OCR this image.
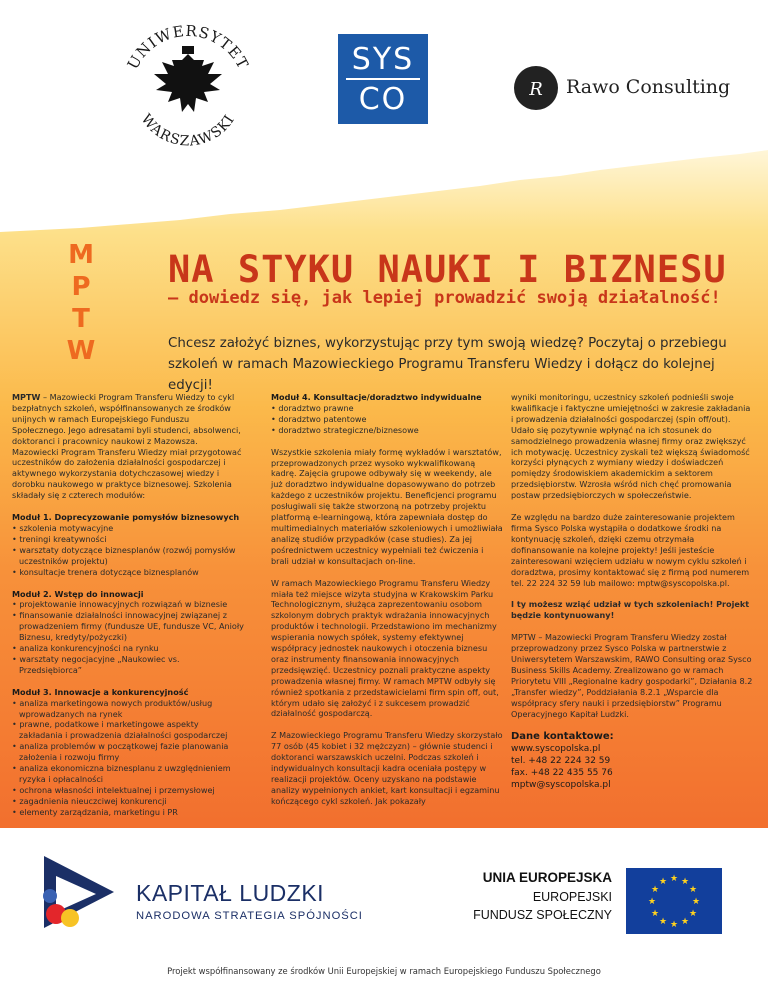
UNIWERSYTET
WARSZAWSKI
SYS
CO	R Rawo Consulting
M
P
T
W
NA STYKU NAUKI I BIZNESU
– dowiedz się, jak lepiej prowadzić swoją działalność!
Chcesz założyć biznes, wykorzystując przy tym swoją wiedzę? Poczytaj o przebiegu szkoleń w ramach Mazowieckiego Programu Transferu Wiedzy i dołącz do kolejnej edycji!
MPTW – Mazowiecki Program Transferu Wiedzy to cykl bezpłatnych szkoleń, współfinansowanych ze środków unijnych w ramach Europejskiego Funduszu Społecznego. Jego adresatami byli studenci, absolwenci, doktoranci i pracownicy naukowi z Mazowsza. Mazowiecki Program Transferu Wiedzy miał przygotować uczestników do założenia działalności gospodarczej i aktywnego wykorzystania dotychczasowej wiedzy i dorobku naukowego w praktyce biznesowej. Szkolenia składały się z czterech modułów:
Moduł 1. Doprecyzowanie pomysłów biznesowych
• szkolenia motywacyjne
• treningi kreatywności
• warsztaty dotyczące biznesplanów (rozwój pomysłów uczestników projektu)
• konsultacje trenera dotyczące biznesplanów
Moduł 2. Wstęp do innowacji
• projektowanie innowacyjnych rozwiązań w biznesie
• finansowanie działalności innowacyjnej związanej z prowadzeniem firmy (fundusze UE, fundusze VC, Anioły Biznesu, kredyty/pożyczki)
• analiza konkurencyjności na rynku
• warsztaty negocjacyjne „Naukowiec vs. Przedsiębiorca”
Moduł 3. Innowacje a konkurencyjność
• analiza marketingowa nowych produktów/usług wprowadzanych na rynek
• prawne, podatkowe i marketingowe aspekty zakładania i prowadzenia działalności gospodarczej
• analiza problemów w początkowej fazie planowania założenia i rozwoju firmy
• analiza ekonomiczna biznesplanu z uwzględnieniem ryzyka i opłacalności
• ochrona własności intelektualnej i przemysłowej
• zagadnienia nieuczciwej konkurencji
• elementy zarządzania, marketingu i PR
Moduł 4. Konsultacje/doradztwo indywidualne
• doradztwo prawne
• doradztwo patentowe
• doradztwo strategiczne/biznesowe
Wszystkie szkolenia miały formę wykładów i warsztatów, przeprowadzonych przez wysoko wykwalifikowaną kadrę. Zajęcia grupowe odbywały się w weekendy, ale już doradztwo indywidualne dopasowywano do potrzeb każdego z uczestników projektu. Beneficjenci programu posługiwali się także stworzoną na potrzeby projektu platformą e-learningową, która zapewniała dostęp do multimedialnych materiałów szkoleniowych i umożliwiała analizę studiów przypadków (case studies). Za jej pośrednictwem uczestnicy wypełniali też ćwiczenia i brali udział w konsultacjach on-line.
W ramach Mazowieckiego Programu Transferu Wiedzy miała też miejsce wizyta studyjna w Krakowskim Parku Technologicznym, służąca zaprezentowaniu osobom szkolonym dobrych praktyk wdrażania innowacyjnych produktów i technologii. Przedstawiono im mechanizmy wspierania nowych spółek, systemy efektywnej współpracy jednostek naukowych i otoczenia biznesu oraz instrumenty finansowania innowacyjnych przedsięwzięć. Uczestnicy poznali praktyczne aspekty prowadzenia własnej firmy. W ramach MPTW odbyły się również spotkania z przedstawicielami firm spin off, out, którym udało się założyć i z sukcesem prowadzić działalność gospodarczą.
Z Mazowieckiego Programu Transferu Wiedzy skorzystało 77 osób (45 kobiet i 32 mężczyzn) – głównie studenci i doktoranci warszawskich uczelni. Podczas szkoleń i indywidualnych konsultacji kadra oceniała postępy w realizacji projektów. Oceny uzyskano na podstawie analizy wypełnionych ankiet, kart konsultacji i egzaminu kończącego cykl szkoleń. Jak pokazały
wyniki monitoringu, uczestnicy szkoleń podnieśli swoje kwalifikacje i faktyczne umiejętności w zakresie zakładania i prowadzenia działalności gospodarczej (spin off/out). Udało się pozytywnie wpłynąć na ich stosunek do samodzielnego prowadzenia własnej firmy oraz zwiększyć ich motywację. Uczestnicy zyskali też większą świadomość korzyści płynących z wymiany wiedzy i doświadczeń pomiędzy środowiskiem akademickim a sektorem przedsiębiorstw. Wzrosła wśród nich chęć promowania postaw przedsiębiorczych w społeczeństwie.
Ze względu na bardzo duże zainteresowanie projektem firma Sysco Polska wystąpiła o dodatkowe środki na kontynuację szkoleń, dzięki czemu otrzymała dofinansowanie na kolejne projekty! Jeśli jesteście zainteresowani wzięciem udziału w nowym cyklu szkoleń i doradztwa, prosimy kontaktować się z firmą pod numerem tel. 22 224 32 59 lub mailowo: mptw@syscopolska.pl.
I ty możesz wziąć udział w tych szkoleniach! Projekt będzie kontynuowany!
MPTW – Mazowiecki Program Transferu Wiedzy został przeprowadzony przez Sysco Polska w partnerstwie z Uniwersytetem Warszawskim, RAWO Consulting oraz Sysco Business Skills Academy. Zrealizowano go w ramach Priorytetu VIII „Regionalne kadry gospodarki”, Działania 8.2 „Transfer wiedzy”, Poddziałania 8.2.1 „Wsparcie dla współpracy sfery nauki i przedsiębiorstw” Programu Operacyjnego Kapitał Ludzki.
Dane kontaktowe:
www.syscopolska.pl
tel. +48 22 224 32 59
fax. +48 22 435 55 76
mptw@syscopolska.pl
KAPITAŁ LUDZKI
NARODOWA STRATEGIA SPÓJNOŚCI
UNIA EUROPEJSKA
EUROPEJSKI
FUNDUSZ SPOŁECZNY
★ ★
★
★
★
★
★
★
★
★
★
★
Projekt współfinansowany ze środków Unii Europejskiej w ramach Europejskiego Funduszu Społecznego
